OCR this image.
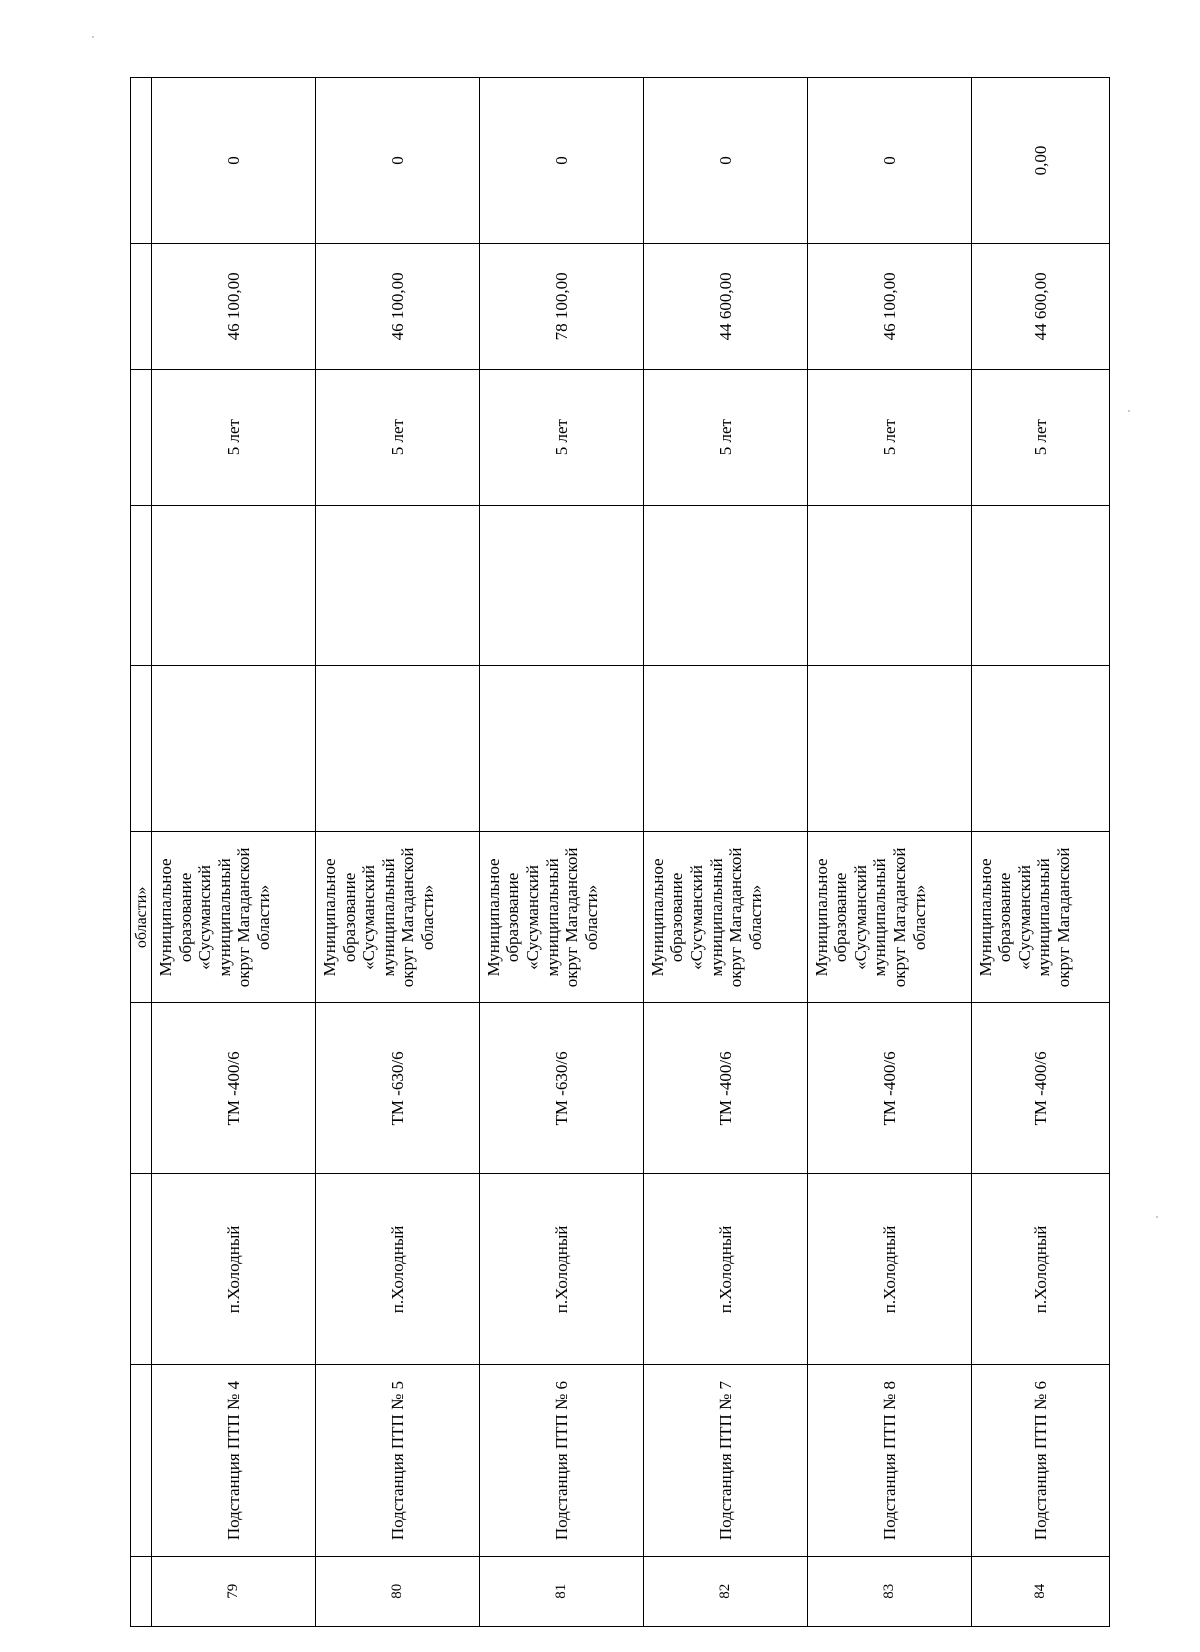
				области»					
79	Подстанция ПТП № 4	п.Холодный	ТМ -400/6	Муниципальное образование «Сусуманский муниципальный округ Магаданской области»			5 лет	46 100,00	0
80	Подстанция ПТП № 5	п.Холодный	ТМ -630/6	Муниципальное образование «Сусуманский муниципальный округ Магаданской области»			5 лет	46 100,00	0
81	Подстанция ПТП № 6	п.Холодный	ТМ -630/6	Муниципальное образование «Сусуманский муниципальный округ Магаданской области»			5 лет	78 100,00	0
82	Подстанция ПТП № 7	п.Холодный	ТМ -400/6	Муниципальное образование «Сусуманский муниципальный округ Магаданской области»			5 лет	44 600,00	0
83	Подстанция ПТП № 8	п.Холодный	ТМ -400/6	Муниципальное образование «Сусуманский муниципальный округ Магаданской области»			5 лет	46 100,00	0
84	Подстанция ПТП № 6	п.Холодный	ТМ -400/6	Муниципальное образование «Сусуманский муниципальный округ Магаданской			5 лет	44 600,00	0,00
